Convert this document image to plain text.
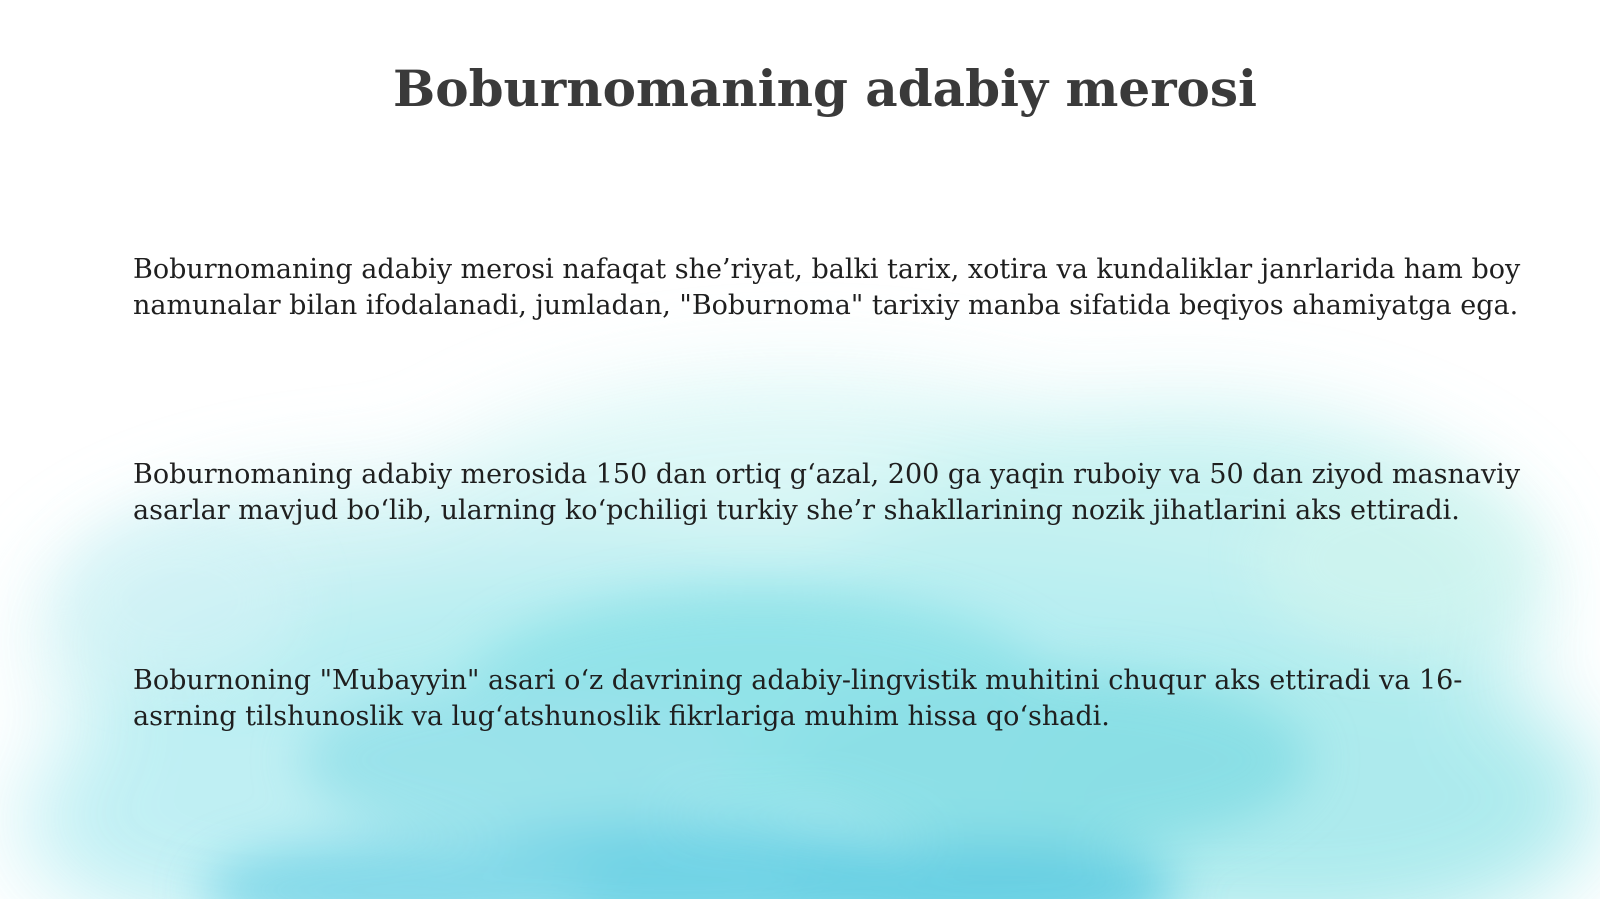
Boburnomaning adabiy merosi

Boburnomaning adabiy merosi nafaqat she’riyat, balki tarix, xotira va kundaliklar janrlarida ham boy namunalar bilan ifodalanadi, jumladan, "Boburnoma" tarixiy manba sifatida beqiyos ahamiyatga ega.

Boburnomaning adabiy merosida 150 dan ortiq g‘azal, 200 ga yaqin ruboiy va 50 dan ziyod masnaviy asarlar mavjud bo‘lib, ularning ko‘pchiligi turkiy she’r shakllarining nozik jihatlarini aks ettiradi.

Boburnoning "Mubayyin" asari o‘z davrining adabiy-lingvistik muhitini chuqur aks ettiradi va 16-asrning tilshunoslik va lug‘atshunoslik fikrlariga muhim hissa qo‘shadi.
